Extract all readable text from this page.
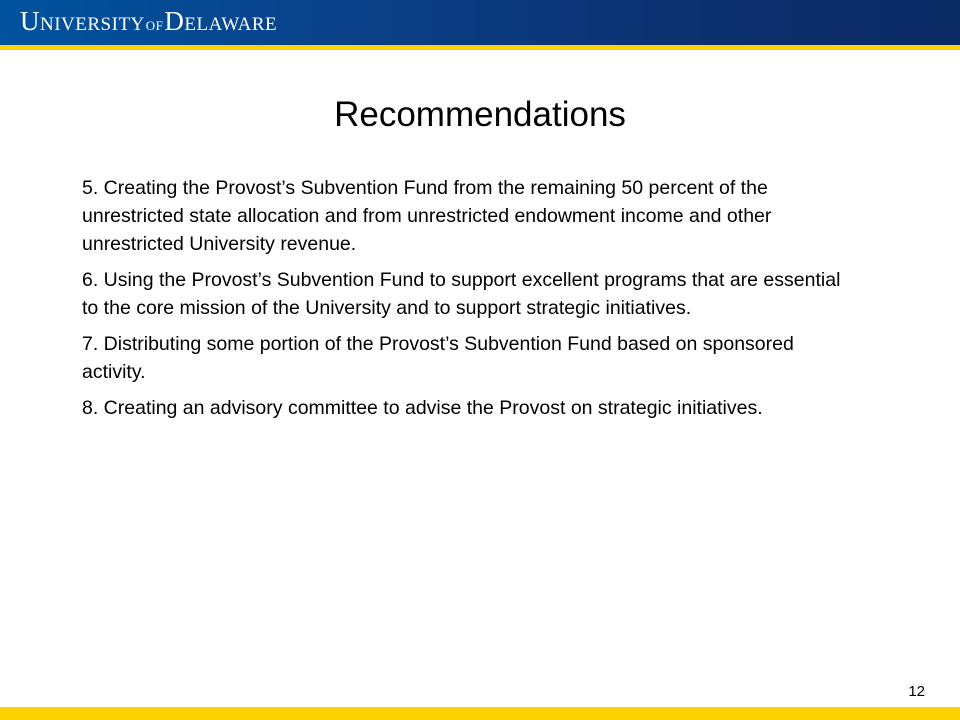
UNIVERSITYOFDELAWARE
Recommendations
5. Creating the Provost’s Subvention Fund from the remaining 50 percent of the unrestricted state allocation and from unrestricted endowment income and other unrestricted University revenue.
6. Using the Provost’s Subvention Fund to support excellent programs that are essential to the core mission of the University and to support strategic initiatives.
7. Distributing some portion of the Provost’s Subvention Fund based on sponsored activity.
8. Creating an advisory committee to advise the Provost on strategic initiatives.
12
